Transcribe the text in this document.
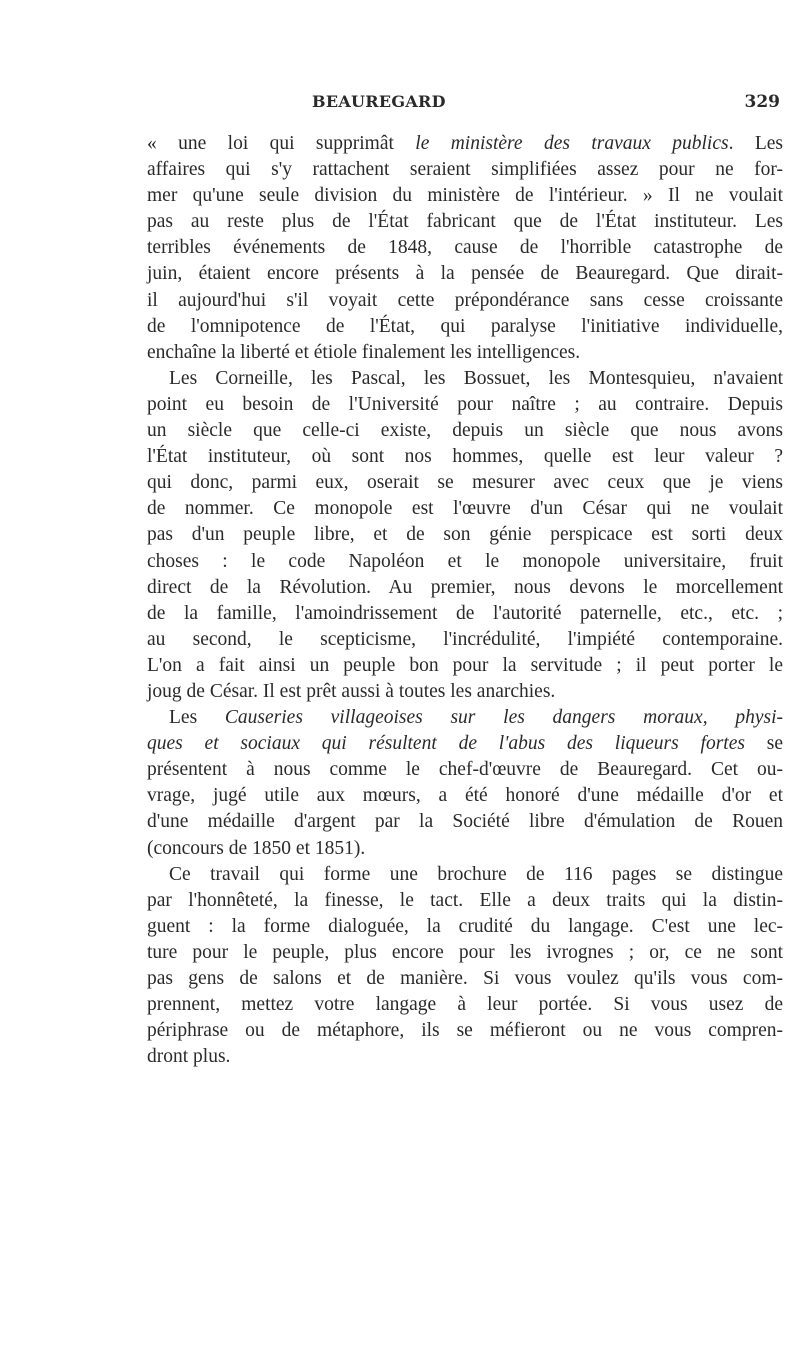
BEAUREGARD	329
« une loi qui supprimât le ministère des travaux publics. Les
affaires qui s'y rattachent seraient simplifiées assez pour ne for-
mer qu'une seule division du ministère de l'intérieur. » Il ne voulait
pas au reste plus de l'État fabricant que de l'État instituteur. Les
terribles événements de 1848, cause de l'horrible catastrophe de
juin, étaient encore présents à la pensée de Beauregard. Que dirait-
il aujourd'hui s'il voyait cette prépondérance sans cesse croissante
de l'omnipotence de l'État, qui paralyse l'initiative individuelle,
enchaîne la liberté et étiole finalement les intelligences.
Les Corneille, les Pascal, les Bossuet, les Montesquieu, n'avaient
point eu besoin de l'Université pour naître ; au contraire. Depuis
un siècle que celle-ci existe, depuis un siècle que nous avons
l'État instituteur, où sont nos hommes, quelle est leur valeur ?
qui donc, parmi eux, oserait se mesurer avec ceux que je viens
de nommer. Ce monopole est l'œuvre d'un César qui ne voulait
pas d'un peuple libre, et de son génie perspicace est sorti deux
choses : le code Napoléon et le monopole universitaire, fruit
direct de la Révolution. Au premier, nous devons le morcellement
de la famille, l'amoindrissement de l'autorité paternelle, etc., etc. ;
au second, le scepticisme, l'incrédulité, l'impiété contemporaine.
L'on a fait ainsi un peuple bon pour la servitude ; il peut porter le
joug de César. Il est prêt aussi à toutes les anarchies.
Les Causeries villageoises sur les dangers moraux, physi-
ques et sociaux qui résultent de l'abus des liqueurs fortes se
présentent à nous comme le chef-d'œuvre de Beauregard. Cet ou-
vrage, jugé utile aux mœurs, a été honoré d'une médaille d'or et
d'une médaille d'argent par la Société libre d'émulation de Rouen
(concours de 1850 et 1851).
Ce travail qui forme une brochure de 116 pages se distingue
par l'honnêteté, la finesse, le tact. Elle a deux traits qui la distin-
guent : la forme dialoguée, la crudité du langage. C'est une lec-
ture pour le peuple, plus encore pour les ivrognes ; or, ce ne sont
pas gens de salons et de manière. Si vous voulez qu'ils vous com-
prennent, mettez votre langage à leur portée. Si vous usez de
périphrase ou de métaphore, ils se méfieront ou ne vous compren-
dront plus.
